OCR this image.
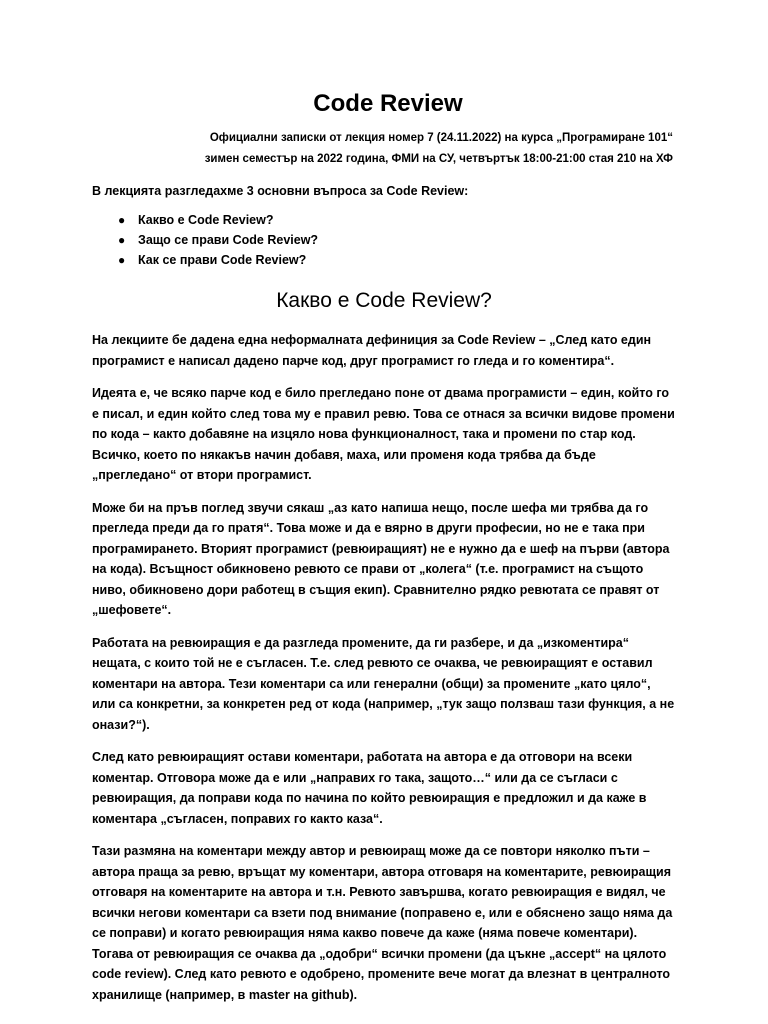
Code Review

Официални записки от лекция номер 7 (24.11.2022) на курса „Програмиране 101“

зимен семестър на 2022 година, ФМИ на СУ, четвъртък 18:00-21:00 стая 210 на ХФ

В лекцията разгледахме 3 основни въпроса за Code Review:

● Какво е Code Review?
● Защо се прави Code Review?
● Как се прави Code Review?
Какво е Code Review?

На лекциите бе дадена една неформалната дефиниция за Code Review – „След като един програмист е написал дадено парче код, друг програмист го гледа и го коментира“.

Идеята е, че всяко парче код е било прегледано поне от двама програмисти – един, който го е писал, и един който след това му е правил ревю. Това се отнася за всички видове промени по кода – както добавяне на изцяло нова функционалност, така и промени по стар код. Всичко, което по някакъв начин добавя, маха, или променя кода трябва да бъде „прегледано“ от втори програмист.

Може би на пръв поглед звучи сякаш „аз като напиша нещо, после шефа ми трябва да го прегледа преди да го пратя“. Това може и да е вярно в други професии, но не е така при програмирането. Вторият програмист (ревюиращият) не е нужно да е шеф на първи (автора на кода). Всъщност обикновено ревюто се прави от „колега“ (т.е. програмист на същото ниво, обикновено дори работещ в същия екип). Сравнително рядко ревютата се правят от „шефовете“.

Работата на ревюиращия е да разгледа промените, да ги разбере, и да „изкоментира“ нещата, с които той не е съгласен. Т.е. след ревюто се очаква, че ревюиращият е оставил коментари на автора. Тези коментари са или генерални (общи) за промените „като цяло“, или са конкретни, за конкретен ред от кода (например, „тук защо ползваш тази функция, а не онази?“).

След като ревюиращият остави коментари, работата на автора е да отговори на всеки коментар. Отговора може да е или „направих го така, защото…“ или да се съгласи с ревюиращия, да поправи кода по начина по който ревюиращия е предложил и да каже в коментара „съгласен, поправих го както каза“.

Тази размяна на коментари между автор и ревюиращ може да се повтори няколко пъти – автора праща за ревю, връщат му коментари, автора отговаря на коментарите, ревюиращия отговаря на коментарите на автора и т.н. Ревюто завършва, когато ревюиращия е видял, че всички негови коментари са взети под внимание (поправено е, или е обяснено защо няма да се поправи) и когато ревюиращия няма какво повече да каже (няма повече коментари). Тогава от ревюиращия се очаква да „одобри“ всички промени (да цъкне „accept“ на цялото code review). След като ревюто е одобрено, промените вече могат да влезнат в централното хранилище (например, в master на github).
